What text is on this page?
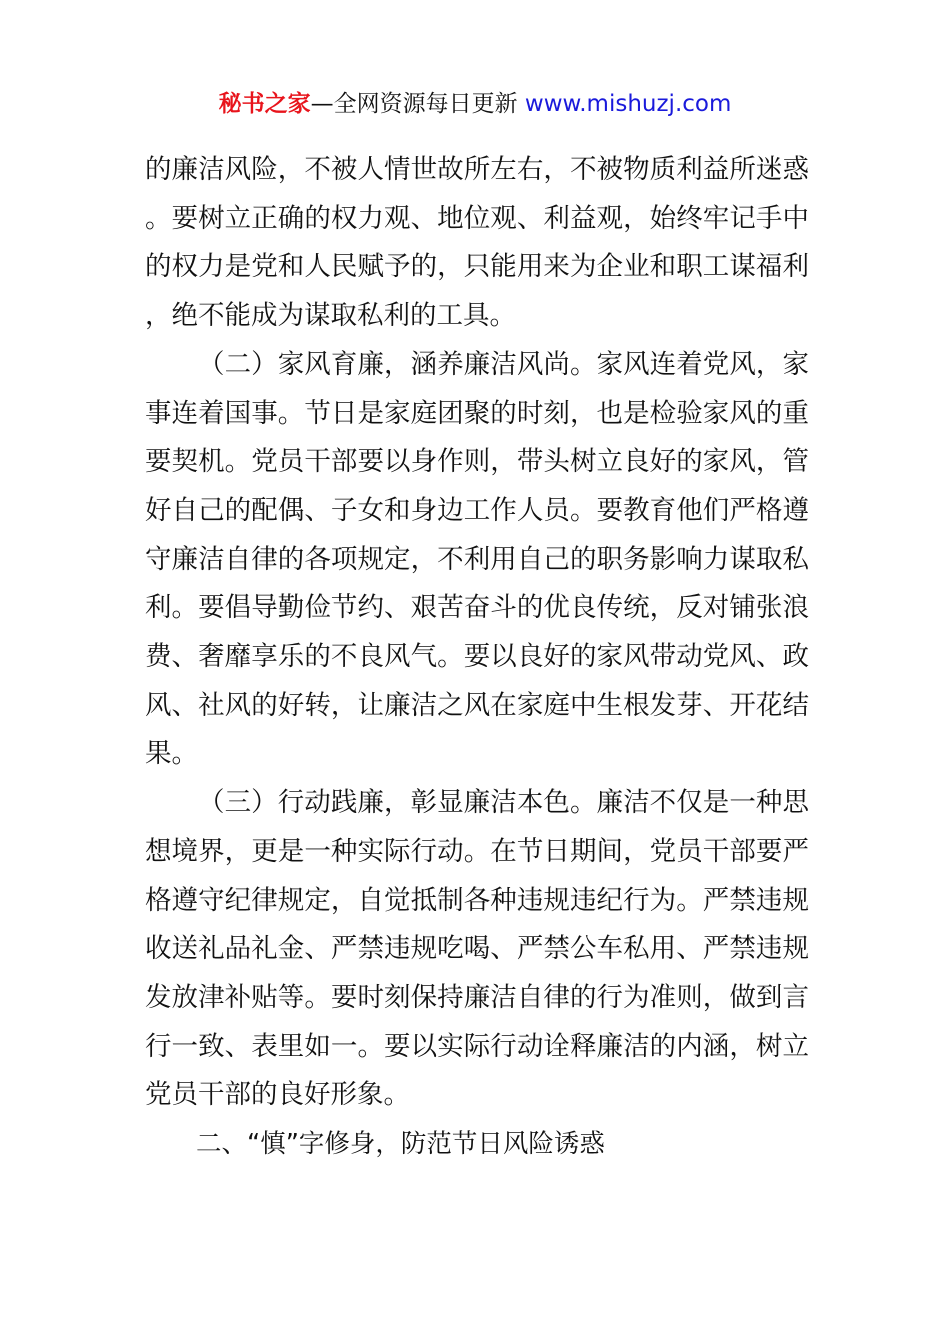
秘书之家—全网资源每日更新 www.mishuzj.com

的廉洁风险，不被人情世故所左右，不被物质利益所迷惑。要树立正确的权力观、地位观、利益观，始终牢记手中的权力是党和人民赋予的，只能用来为企业和职工谋福利，绝不能成为谋取私利的工具。

（二）家风育廉，涵养廉洁风尚。家风连着党风，家事连着国事。节日是家庭团聚的时刻，也是检验家风的重要契机。党员干部要以身作则，带头树立良好的家风，管好自己的配偶、子女和身边工作人员。要教育他们严格遵守廉洁自律的各项规定，不利用自己的职务影响力谋取私利。要倡导勤俭节约、艰苦奋斗的优良传统，反对铺张浪费、奢靡享乐的不良风气。要以良好的家风带动党风、政风、社风的好转，让廉洁之风在家庭中生根发芽、开花结果。

（三）行动践廉，彰显廉洁本色。廉洁不仅是一种思想境界，更是一种实际行动。在节日期间，党员干部要严格遵守纪律规定，自觉抵制各种违规违纪行为。严禁违规收送礼品礼金、严禁违规吃喝、严禁公车私用、严禁违规发放津补贴等。要时刻保持廉洁自律的行为准则，做到言行一致、表里如一。要以实际行动诠释廉洁的内涵，树立党员干部的良好形象。

二、“慎”字修身，防范节日风险诱惑
